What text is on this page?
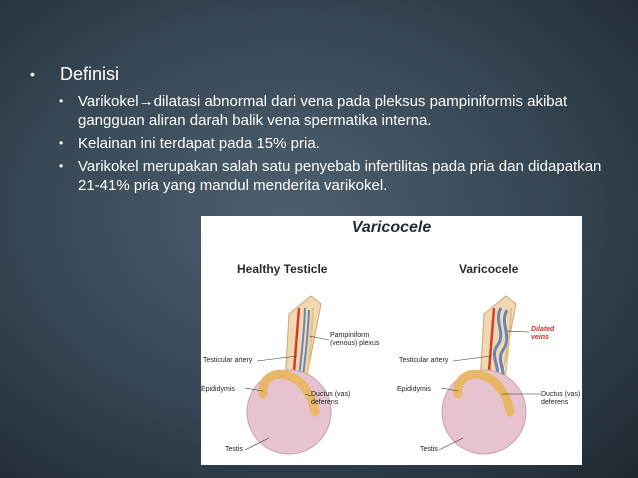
• Definisi
• Varikokel→dilatasi abnormal dari vena pada pleksus pampiniformis akibat gangguan aliran darah balik vena spermatika interna.
• Kelainan ini terdapat pada 15% pria.
• Varikokel merupakan salah satu penyebab infertilitas pada pria dan didapatkan 21-41% pria yang mandul menderita varikokel.
Varicocele
Healthy Testicle	Varicocele
Pampiniform (venous) plexus
Testicular artery
Epididymis
Ductus (vas) deferens
Testis
Dilated veins
Testicular artery
Epididymis
Ductus (vas) deferens
Testis
